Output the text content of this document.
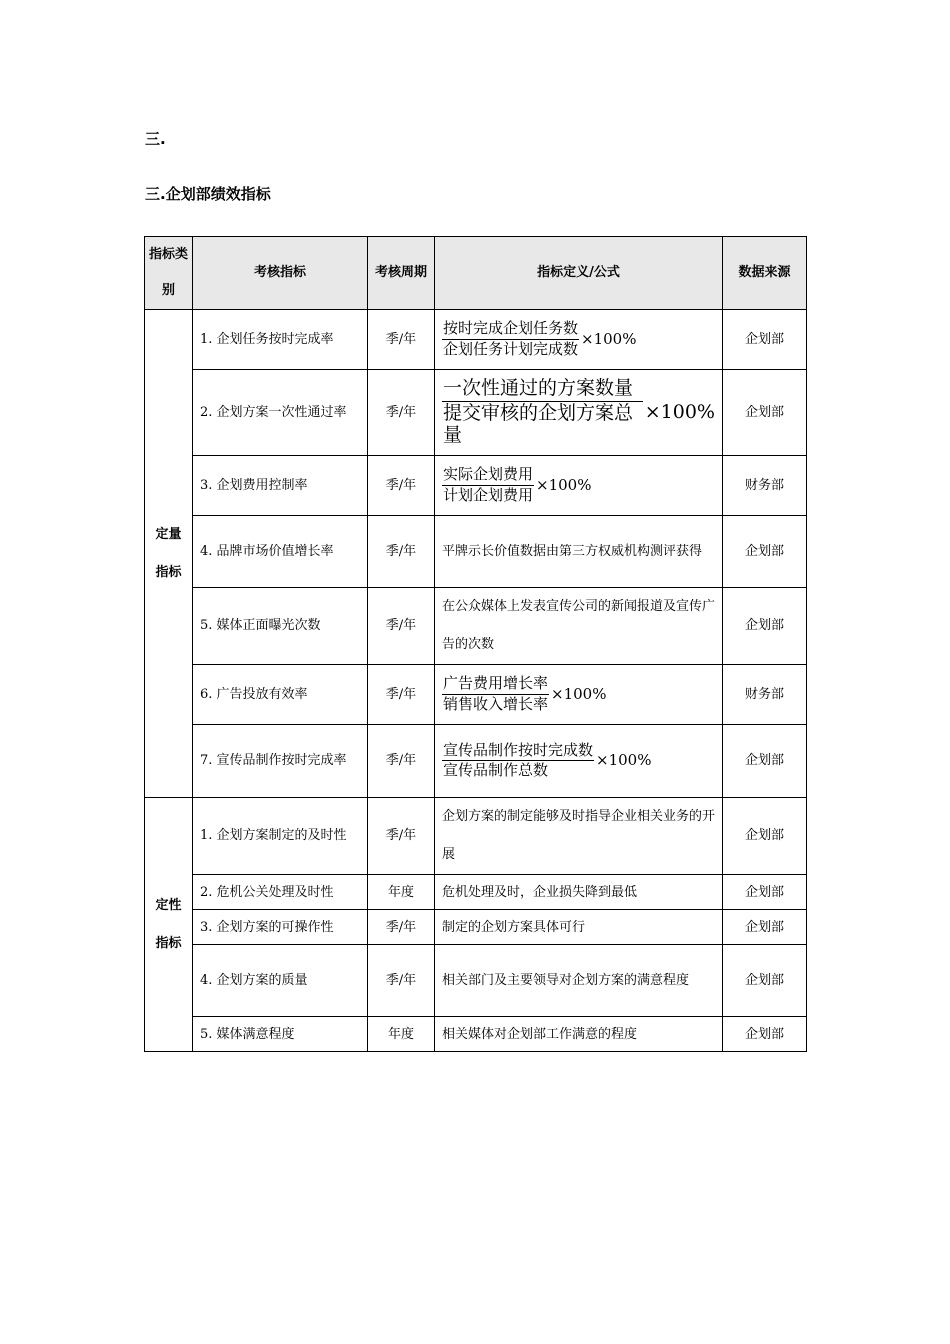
三.
三.企划部绩效指标
指标类别	考核指标	考核周期	指标定义/公式	数据来源
定量指标	1. 企划任务按时完成率	季/年	$\frac{\text{按时完成企划任务数}}{\text{企划任务计划完成数}} \times 100\%$	企划部
	2. 企划方案一次性通过率	季/年	$\frac{\text{一次性通过的方案数量}}{\text{提交审核的企划方案总量}} \times 100\%$	企划部
	3. 企划费用控制率	季/年	$\frac{\text{实际企划费用}}{\text{计划企划费用}} \times 100\%$	财务部
	4. 品牌市场价值增长率	季/年	平牌示长价值数据由第三方权威机构测评获得	企划部
	5. 媒体正面曝光次数	季/年	在公众媒体上发表宣传公司的新闻报道及宣传广告的次数	企划部
	6. 广告投放有效率	季/年	$\frac{\text{广告费用增长率}}{\text{销售收入增长率}} \times 100\%$	财务部
	7. 宣传品制作按时完成率	季/年	$\frac{\text{宣传品制作按时完成数}}{\text{宣传品制作总数}} \times 100\%$	企划部
定性指标	1. 企划方案制定的及时性	季/年	企划方案的制定能够及时指导企业相关业务的开展	企划部
	2. 危机公关处理及时性	年度	危机处理及时，企业损失降到最低	企划部
	3. 企划方案的可操作性	季/年	制定的企划方案具体可行	企划部
	4. 企划方案的质量	季/年	相关部门及主要领导对企划方案的满意程度	企划部
	5. 媒体满意程度	年度	相关媒体对企划部工作满意的程度	企划部
